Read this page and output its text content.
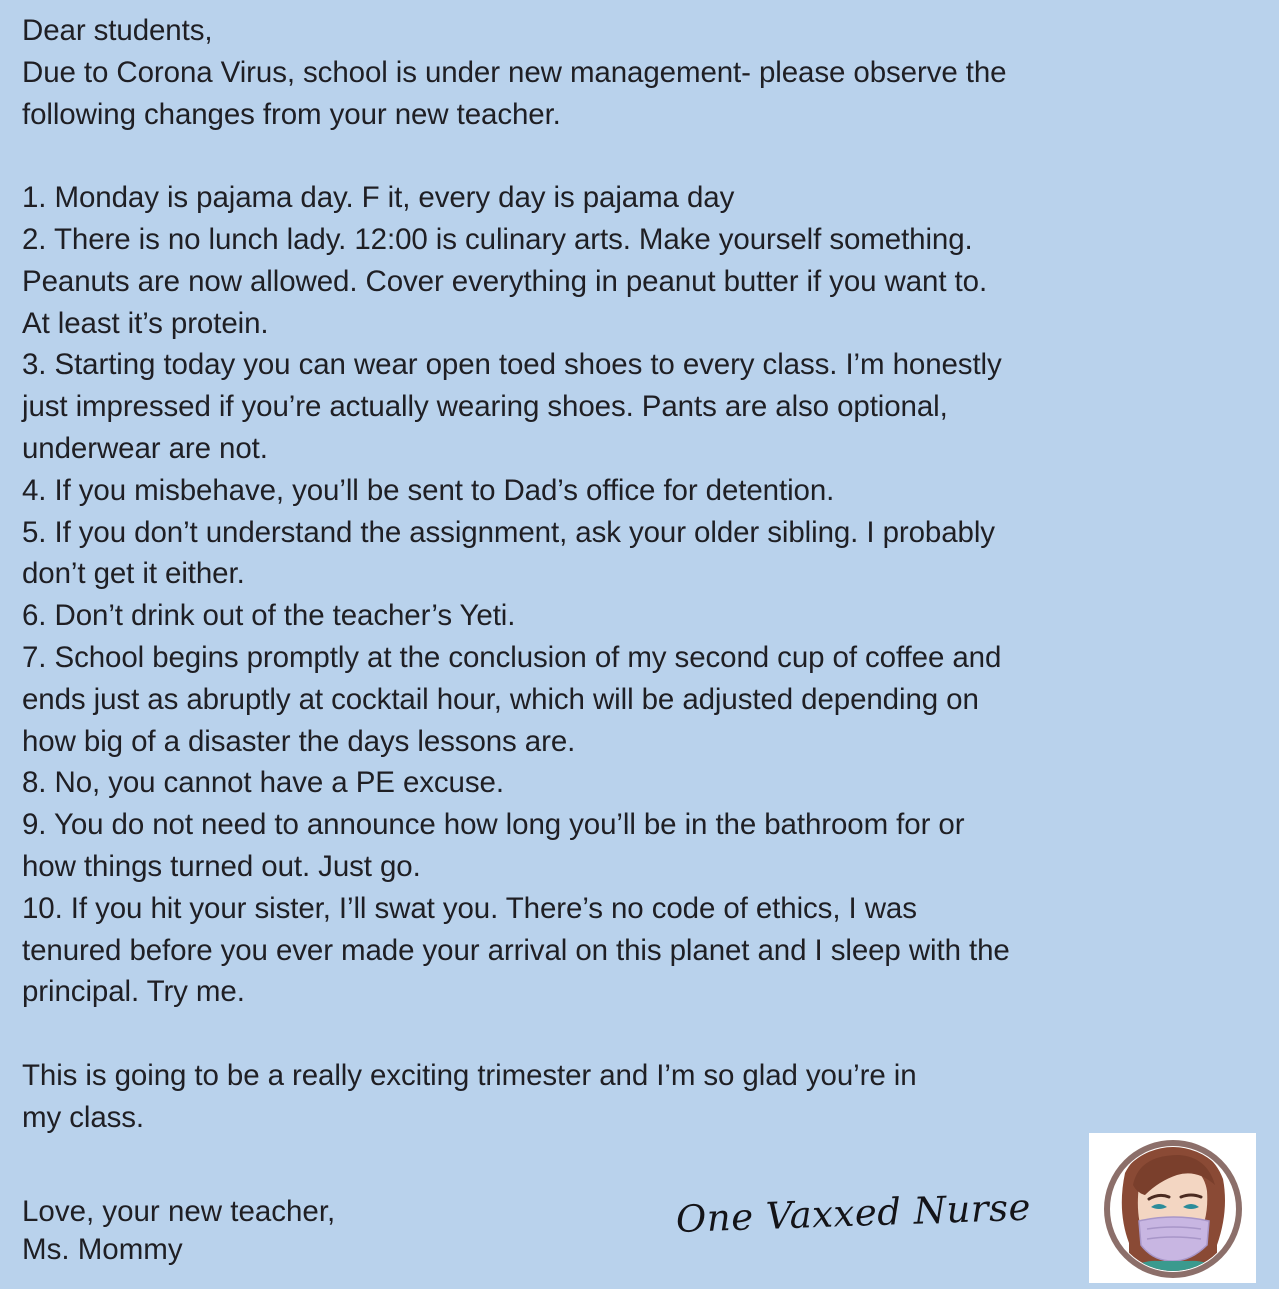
Dear students,
Due to Corona Virus, school is under new management- please observe the
following changes from your new teacher.
1. Monday is pajama day. F it, every day is pajama day
2. There is no lunch lady. 12:00 is culinary arts. Make yourself something.
Peanuts are now allowed. Cover everything in peanut butter if you want to.
At least it’s protein.
3. Starting today you can wear open toed shoes to every class. I’m honestly
just impressed if you’re actually wearing shoes. Pants are also optional,
underwear are not.
4. If you misbehave, you’ll be sent to Dad’s office for detention.
5. If you don’t understand the assignment, ask your older sibling. I probably
don’t get it either.
6. Don’t drink out of the teacher’s Yeti.
7. School begins promptly at the conclusion of my second cup of coffee and
ends just as abruptly at cocktail hour, which will be adjusted depending on
how big of a disaster the days lessons are.
8. No, you cannot have a PE excuse.
9. You do not need to announce how long you’ll be in the bathroom for or
how things turned out. Just go.
10. If you hit your sister, I’ll swat you. There’s no code of ethics, I was
tenured before you ever made your arrival on this planet and I sleep with the
principal. Try me.
This is going to be a really exciting trimester and I’m so glad you’re in
my class.
Love, your new teacher,
Ms. Mommy
One Vaxxed Nurse
